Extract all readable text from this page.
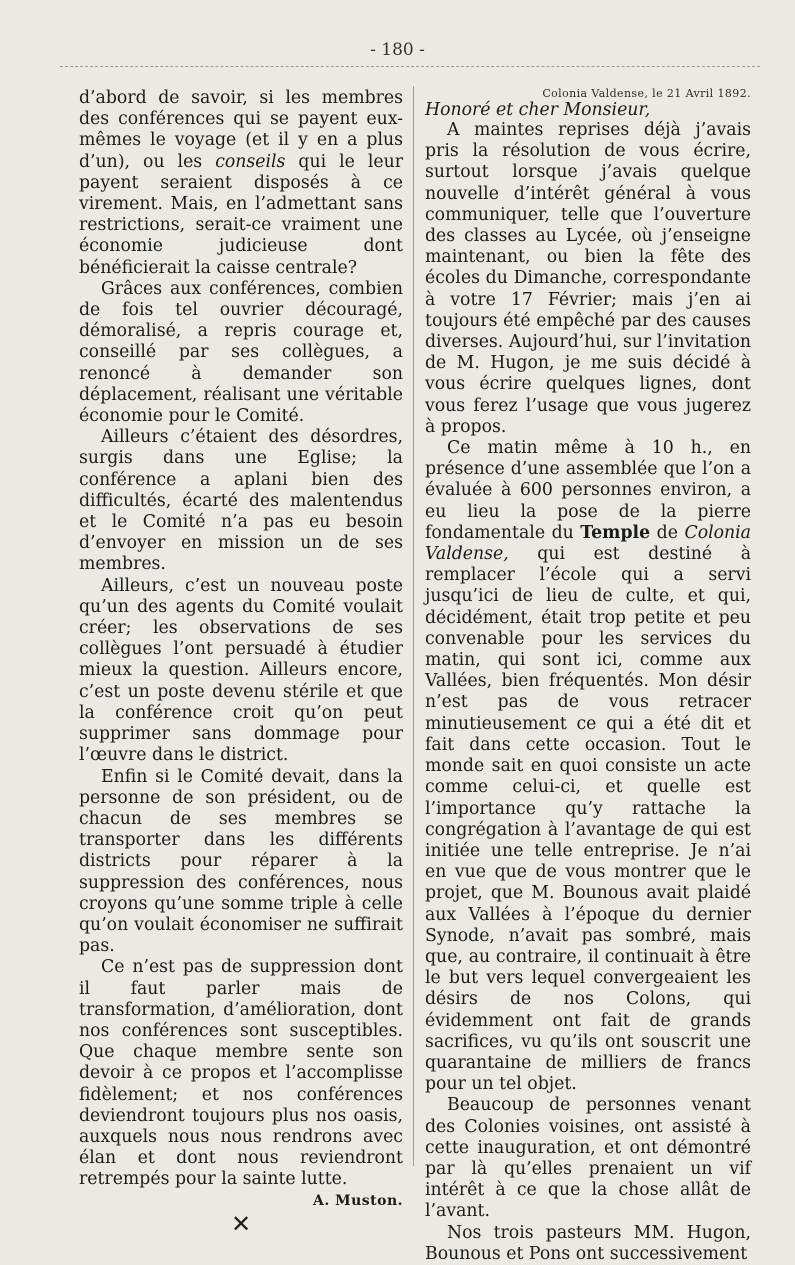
- 180 -

d’abord de savoir, si les membres des conférences qui se payent eux-mêmes le voyage (et il y en a plus d’un), ou les conseils qui le leur payent seraient disposés à ce virement. Mais, en l’admettant sans restrictions, serait-ce vraiment une économie judicieuse dont bénéficierait la caisse centrale?

Grâces aux conférences, combien de fois tel ouvrier découragé, démoralisé, a repris courage et, conseillé par ses collègues, a renoncé à demander son déplacement, réalisant une véritable économie pour le Comité.

Ailleurs c’étaient des désordres, surgis dans une Eglise; la conférence a aplani bien des difficultés, écarté des malentendus et le Comité n’a pas eu besoin d’envoyer en mission un de ses membres.

Ailleurs, c’est un nouveau poste qu’un des agents du Comité voulait créer; les observations de ses collègues l’ont persuadé à étudier mieux la question. Ailleurs encore, c’est un poste devenu stérile et que la conférence croit qu’on peut supprimer sans dommage pour l’œuvre dans le district.

Enfin si le Comité devait, dans la personne de son président, ou de chacun de ses membres se transporter dans les différents districts pour réparer à la suppression des conférences, nous croyons qu’une somme triple à celle qu’on voulait économiser ne suffirait pas.

Ce n’est pas de suppression dont il faut parler mais de transformation, d’amélioration, dont nos conférences sont susceptibles. Que chaque membre sente son devoir à ce propos et l’accomplisse fidèlement; et nos conférences deviendront toujours plus nos oasis, auxquels nous nous rendrons avec élan et dont nous reviendront retrempés pour la sainte lutte.

A. Muston.

✕

Colonia Valdense, le 21 Avril 1892.

Honoré et cher Monsieur,

A maintes reprises déjà j’avais pris la résolution de vous écrire, surtout lorsque j’avais quelque nouvelle d’intérêt général à vous communiquer, telle que l’ouverture des classes au Lycée, où j’enseigne maintenant, ou bien la fête des écoles du Dimanche, correspondante à votre 17 Février; mais j’en ai toujours été empêché par des causes diverses. Aujourd’hui, sur l’invitation de M. Hugon, je me suis décidé à vous écrire quelques lignes, dont vous ferez l’usage que vous jugerez à propos.

Ce matin même à 10 h., en présence d’une assemblée que l’on a évaluée à 600 personnes environ, a eu lieu la pose de la pierre fondamentale du Temple de Colonia Valdense, qui est destiné à remplacer l’école qui a servi jusqu’ici de lieu de culte, et qui, décidément, était trop petite et peu convenable pour les services du matin, qui sont ici, comme aux Vallées, bien fréquentés. Mon désir n’est pas de vous retracer minutieusement ce qui a été dit et fait dans cette occasion. Tout le monde sait en quoi consiste un acte comme celui-ci, et quelle est l’importance qu’y rattache la congrégation à l’avantage de qui est initiée une telle entreprise. Je n’ai en vue que de vous montrer que le projet, que M. Bounous avait plaidé aux Vallées à l’époque du dernier Synode, n’avait pas sombré, mais que, au contraire, il continuait à être le but vers lequel convergeaient les désirs de nos Colons, qui évidemment ont fait de grands sacrifices, vu qu’ils ont souscrit une quarantaine de milliers de francs pour un tel objet.

Beaucoup de personnes venant des Colonies voisines, ont assisté à cette inauguration, et ont démontré par là qu’elles prenaient un vif intérêt à ce que la chose allât de l’avant.

Nos trois pasteurs MM. Hugon, Bounous et Pons ont successivement
